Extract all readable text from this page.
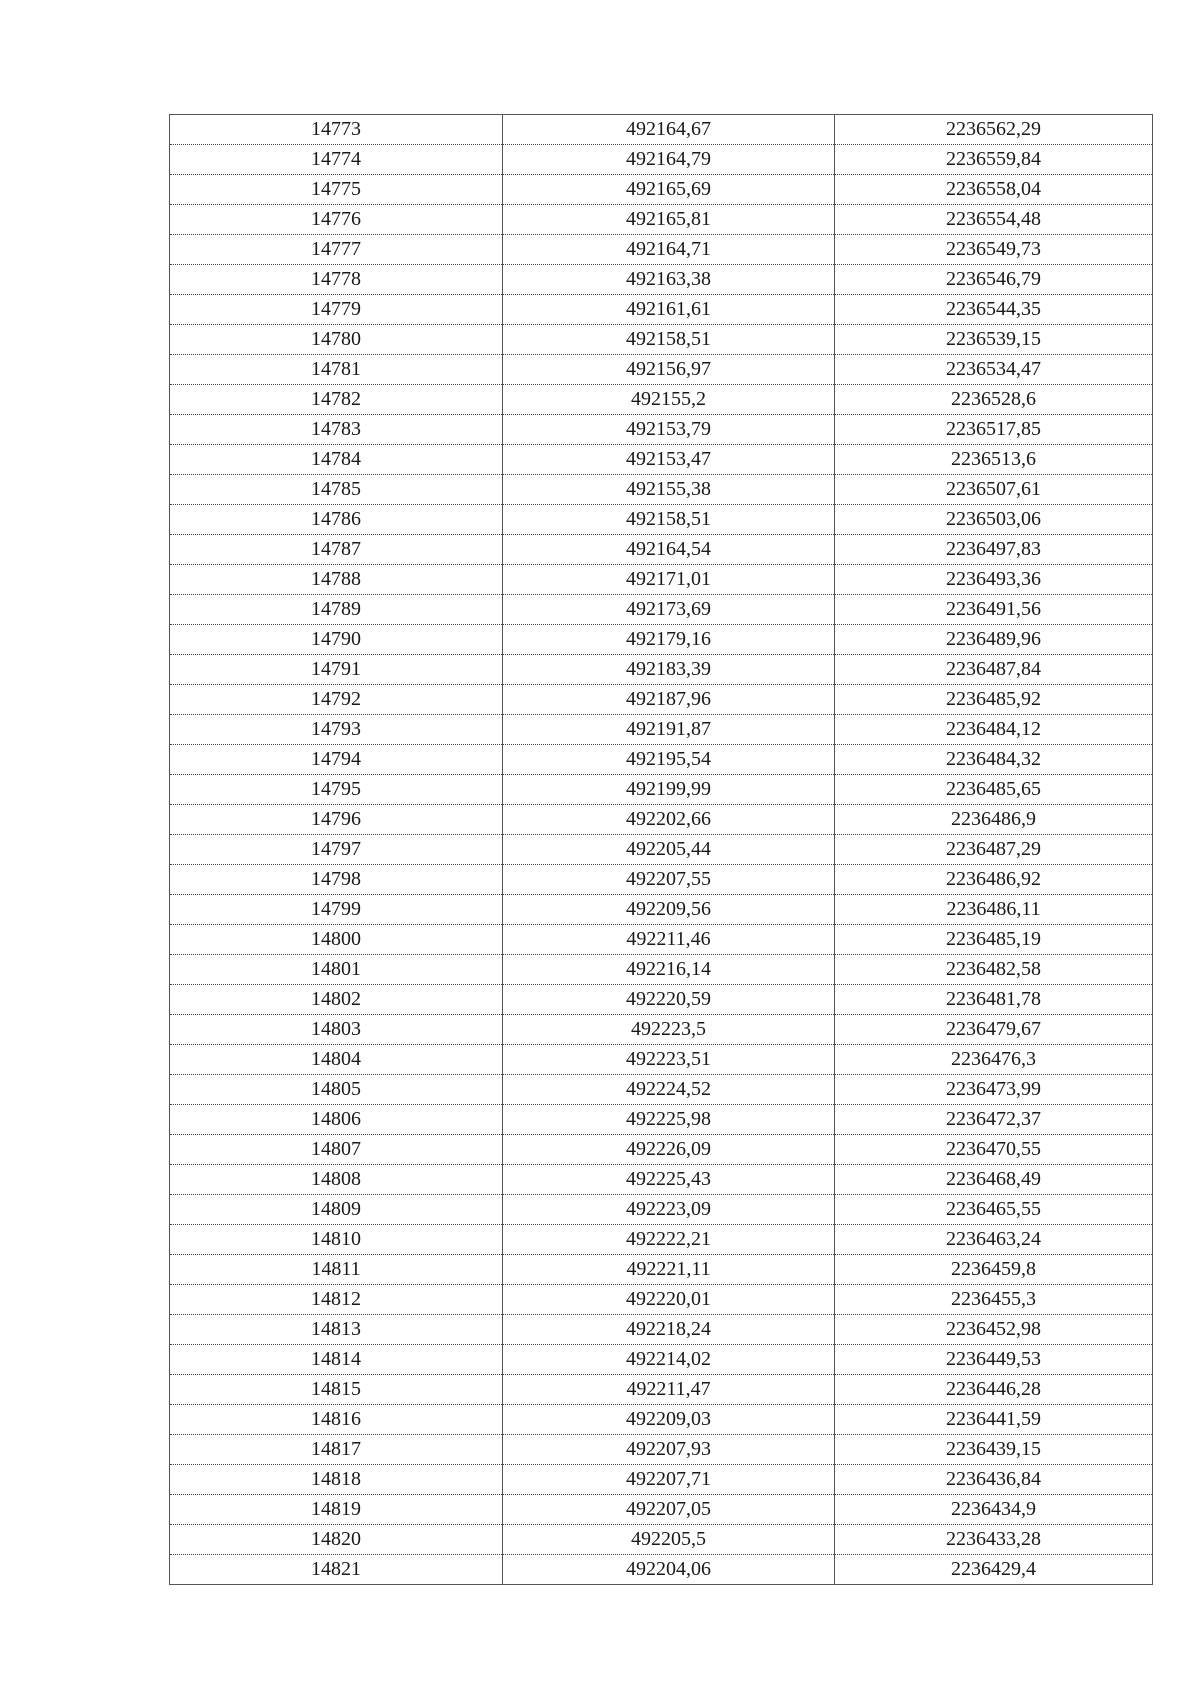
14773	492164,67	2236562,29
14774	492164,79	2236559,84
14775	492165,69	2236558,04
14776	492165,81	2236554,48
14777	492164,71	2236549,73
14778	492163,38	2236546,79
14779	492161,61	2236544,35
14780	492158,51	2236539,15
14781	492156,97	2236534,47
14782	492155,2	2236528,6
14783	492153,79	2236517,85
14784	492153,47	2236513,6
14785	492155,38	2236507,61
14786	492158,51	2236503,06
14787	492164,54	2236497,83
14788	492171,01	2236493,36
14789	492173,69	2236491,56
14790	492179,16	2236489,96
14791	492183,39	2236487,84
14792	492187,96	2236485,92
14793	492191,87	2236484,12
14794	492195,54	2236484,32
14795	492199,99	2236485,65
14796	492202,66	2236486,9
14797	492205,44	2236487,29
14798	492207,55	2236486,92
14799	492209,56	2236486,11
14800	492211,46	2236485,19
14801	492216,14	2236482,58
14802	492220,59	2236481,78
14803	492223,5	2236479,67
14804	492223,51	2236476,3
14805	492224,52	2236473,99
14806	492225,98	2236472,37
14807	492226,09	2236470,55
14808	492225,43	2236468,49
14809	492223,09	2236465,55
14810	492222,21	2236463,24
14811	492221,11	2236459,8
14812	492220,01	2236455,3
14813	492218,24	2236452,98
14814	492214,02	2236449,53
14815	492211,47	2236446,28
14816	492209,03	2236441,59
14817	492207,93	2236439,15
14818	492207,71	2236436,84
14819	492207,05	2236434,9
14820	492205,5	2236433,28
14821	492204,06	2236429,4
